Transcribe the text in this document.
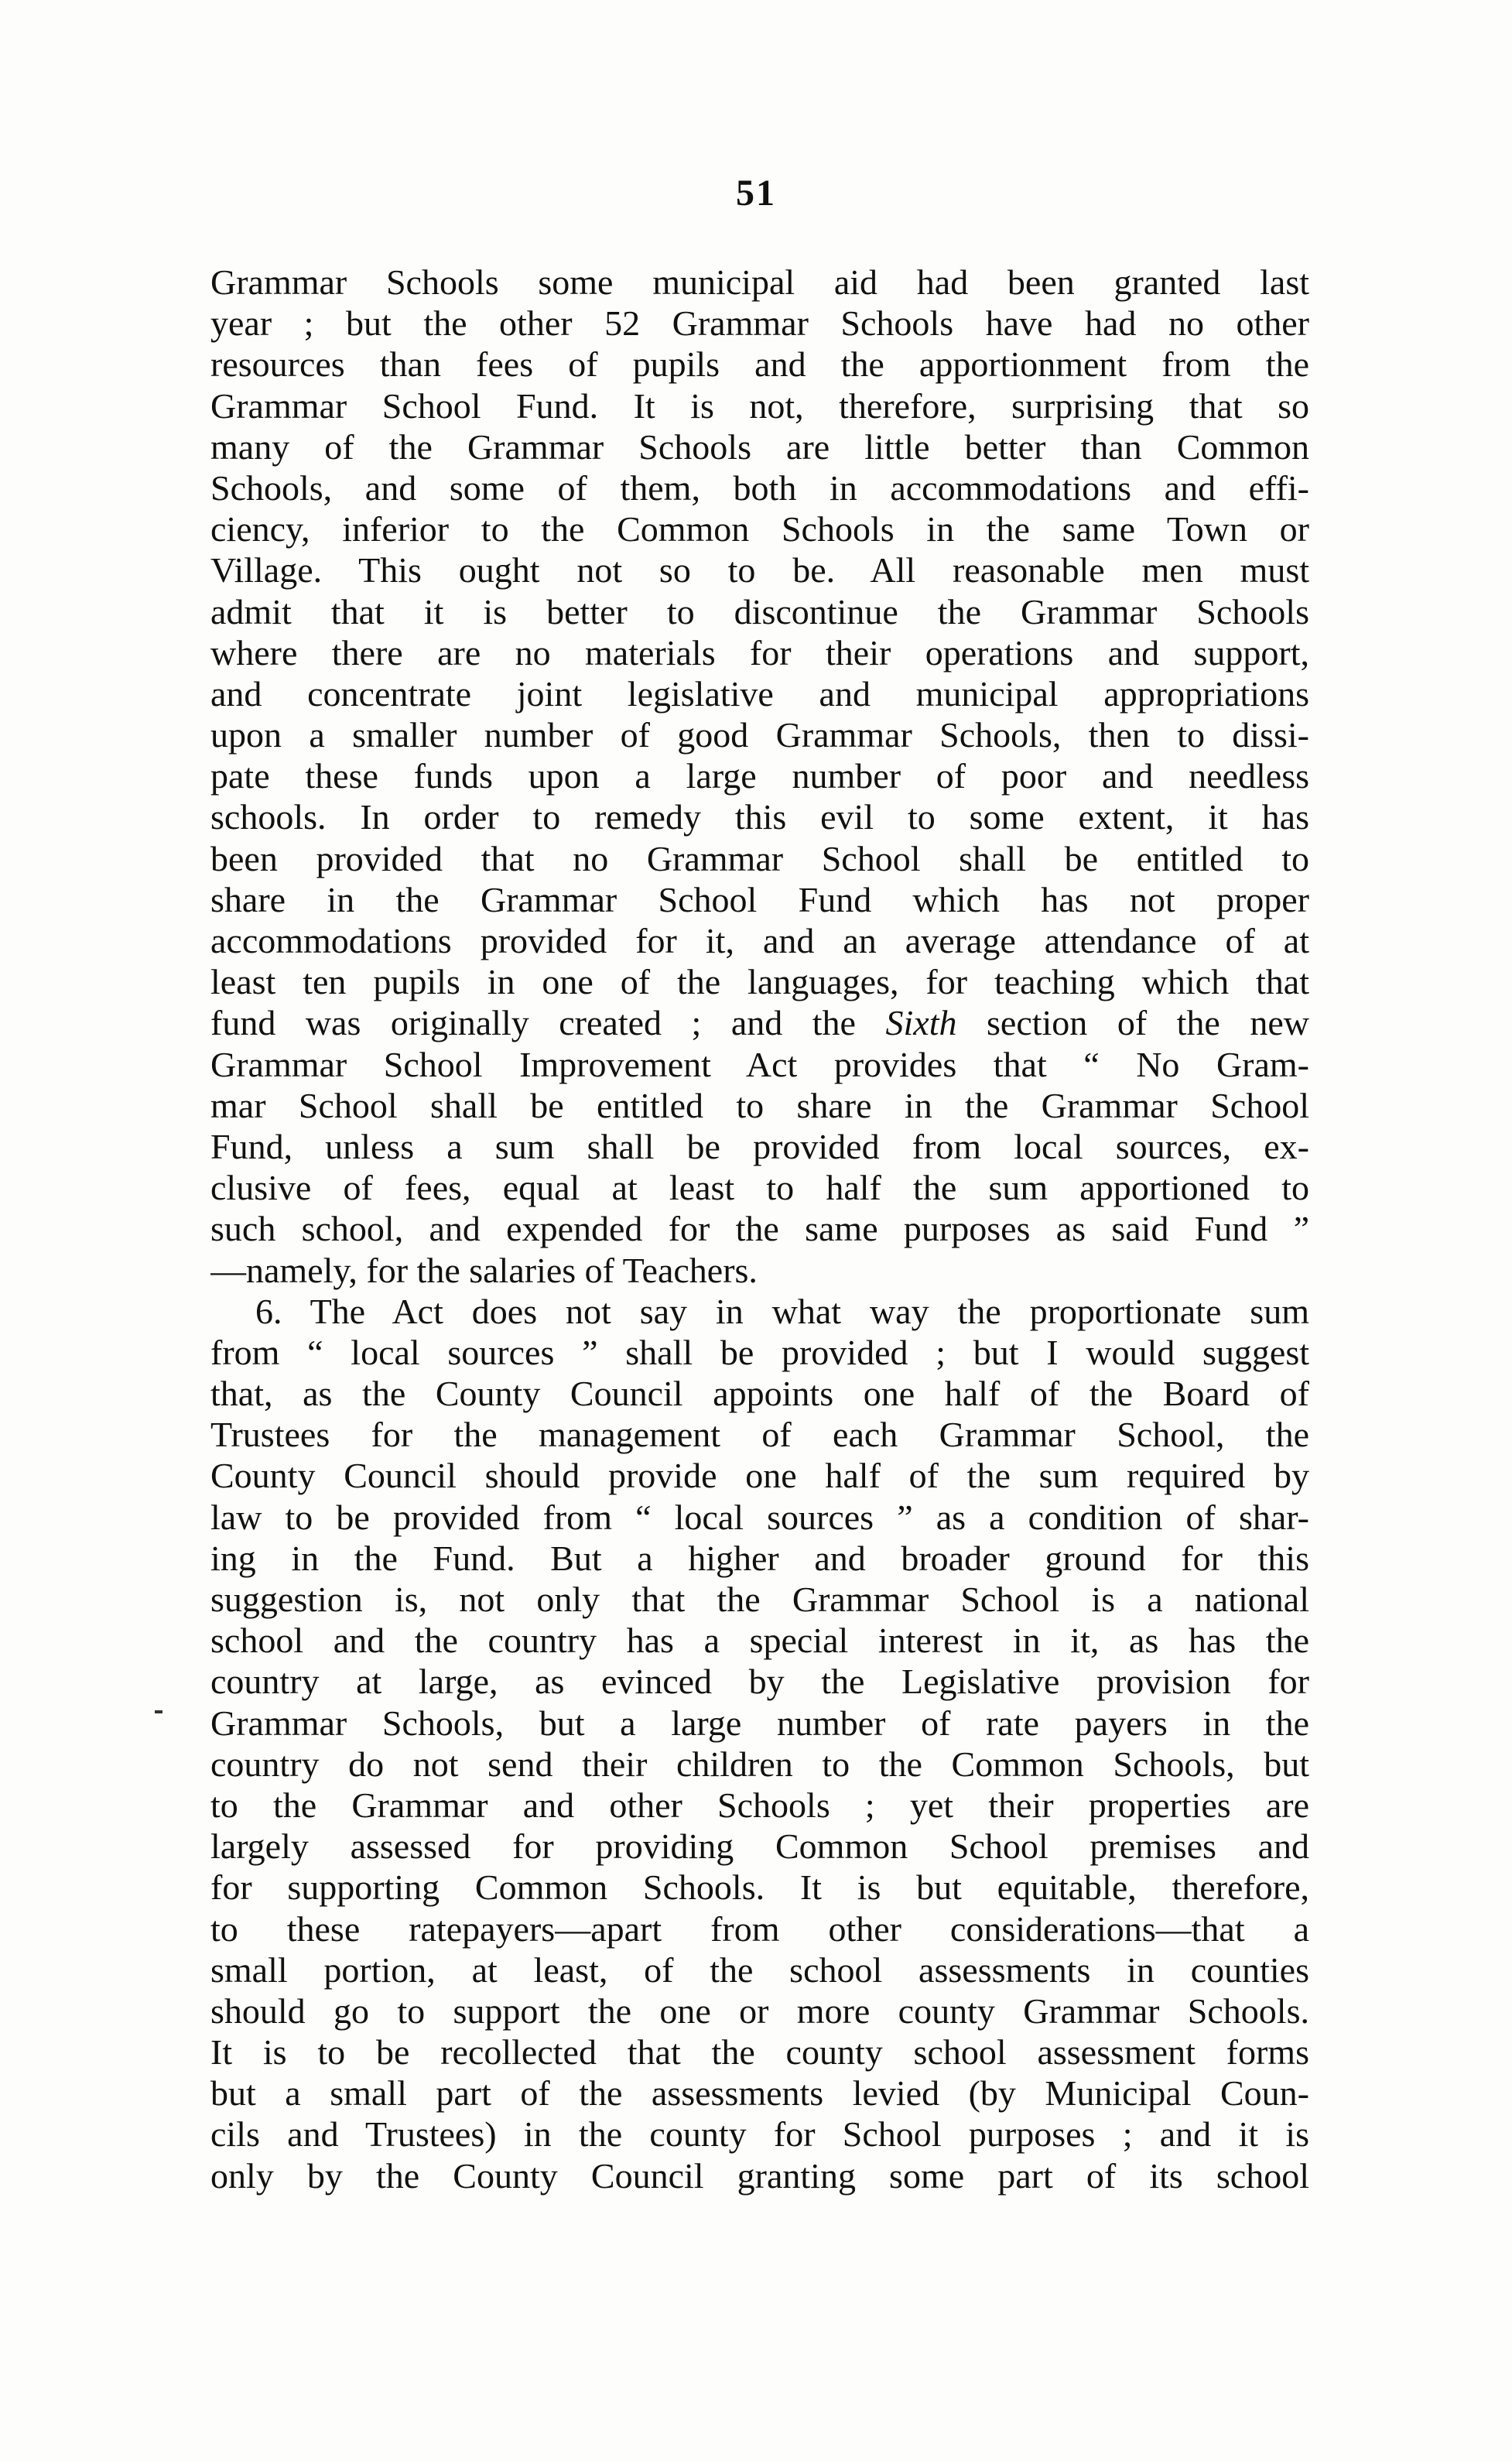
51
Grammar Schools some municipal aid had been granted last
year ; but the other 52 Grammar Schools have had no other
resources than fees of pupils and the apportionment from the
Grammar School Fund. It is not, therefore, surprising that so
many of the Grammar Schools are little better than Common
Schools, and some of them, both in accommodations and effi-
ciency, inferior to the Common Schools in the same Town or
Village. This ought not so to be. All reasonable men must
admit that it is better to discontinue the Grammar Schools
where there are no materials for their operations and support,
and concentrate joint legislative and municipal appropriations
upon a smaller number of good Grammar Schools, then to dissi-
pate these funds upon a large number of poor and needless
schools. In order to remedy this evil to some extent, it has
been provided that no Grammar School shall be entitled to
share in the Grammar School Fund which has not proper
accommodations provided for it, and an average attendance of at
least ten pupils in one of the languages, for teaching which that
fund was originally created ; and the Sixth section of the new
Grammar School Improvement Act provides that “ No Gram-
mar School shall be entitled to share in the Grammar School
Fund, unless a sum shall be provided from local sources, ex-
clusive of fees, equal at least to half the sum apportioned to
such school, and expended for the same purposes as said Fund ”
—namely, for the salaries of Teachers.
6. The Act does not say in what way the proportionate sum
from “ local sources ” shall be provided ; but I would suggest
that, as the County Council appoints one half of the Board of
Trustees for the management of each Grammar School, the
County Council should provide one half of the sum required by
law to be provided from “ local sources ” as a condition of shar-
ing in the Fund. But a higher and broader ground for this
suggestion is, not only that the Grammar School is a national
school and the country has a special interest in it, as has the
country at large, as evinced by the Legislative provision for
Grammar Schools, but a large number of rate payers in the
country do not send their children to the Common Schools, but
to the Grammar and other Schools ; yet their properties are
largely assessed for providing Common School premises and
for supporting Common Schools. It is but equitable, therefore,
to these ratepayers—apart from other considerations—that a
small portion, at least, of the school assessments in counties
should go to support the one or more county Grammar Schools.
It is to be recollected that the county school assessment forms
but a small part of the assessments levied (by Municipal Coun-
cils and Trustees) in the county for School purposes ; and it is
only by the County Council granting some part of its school
